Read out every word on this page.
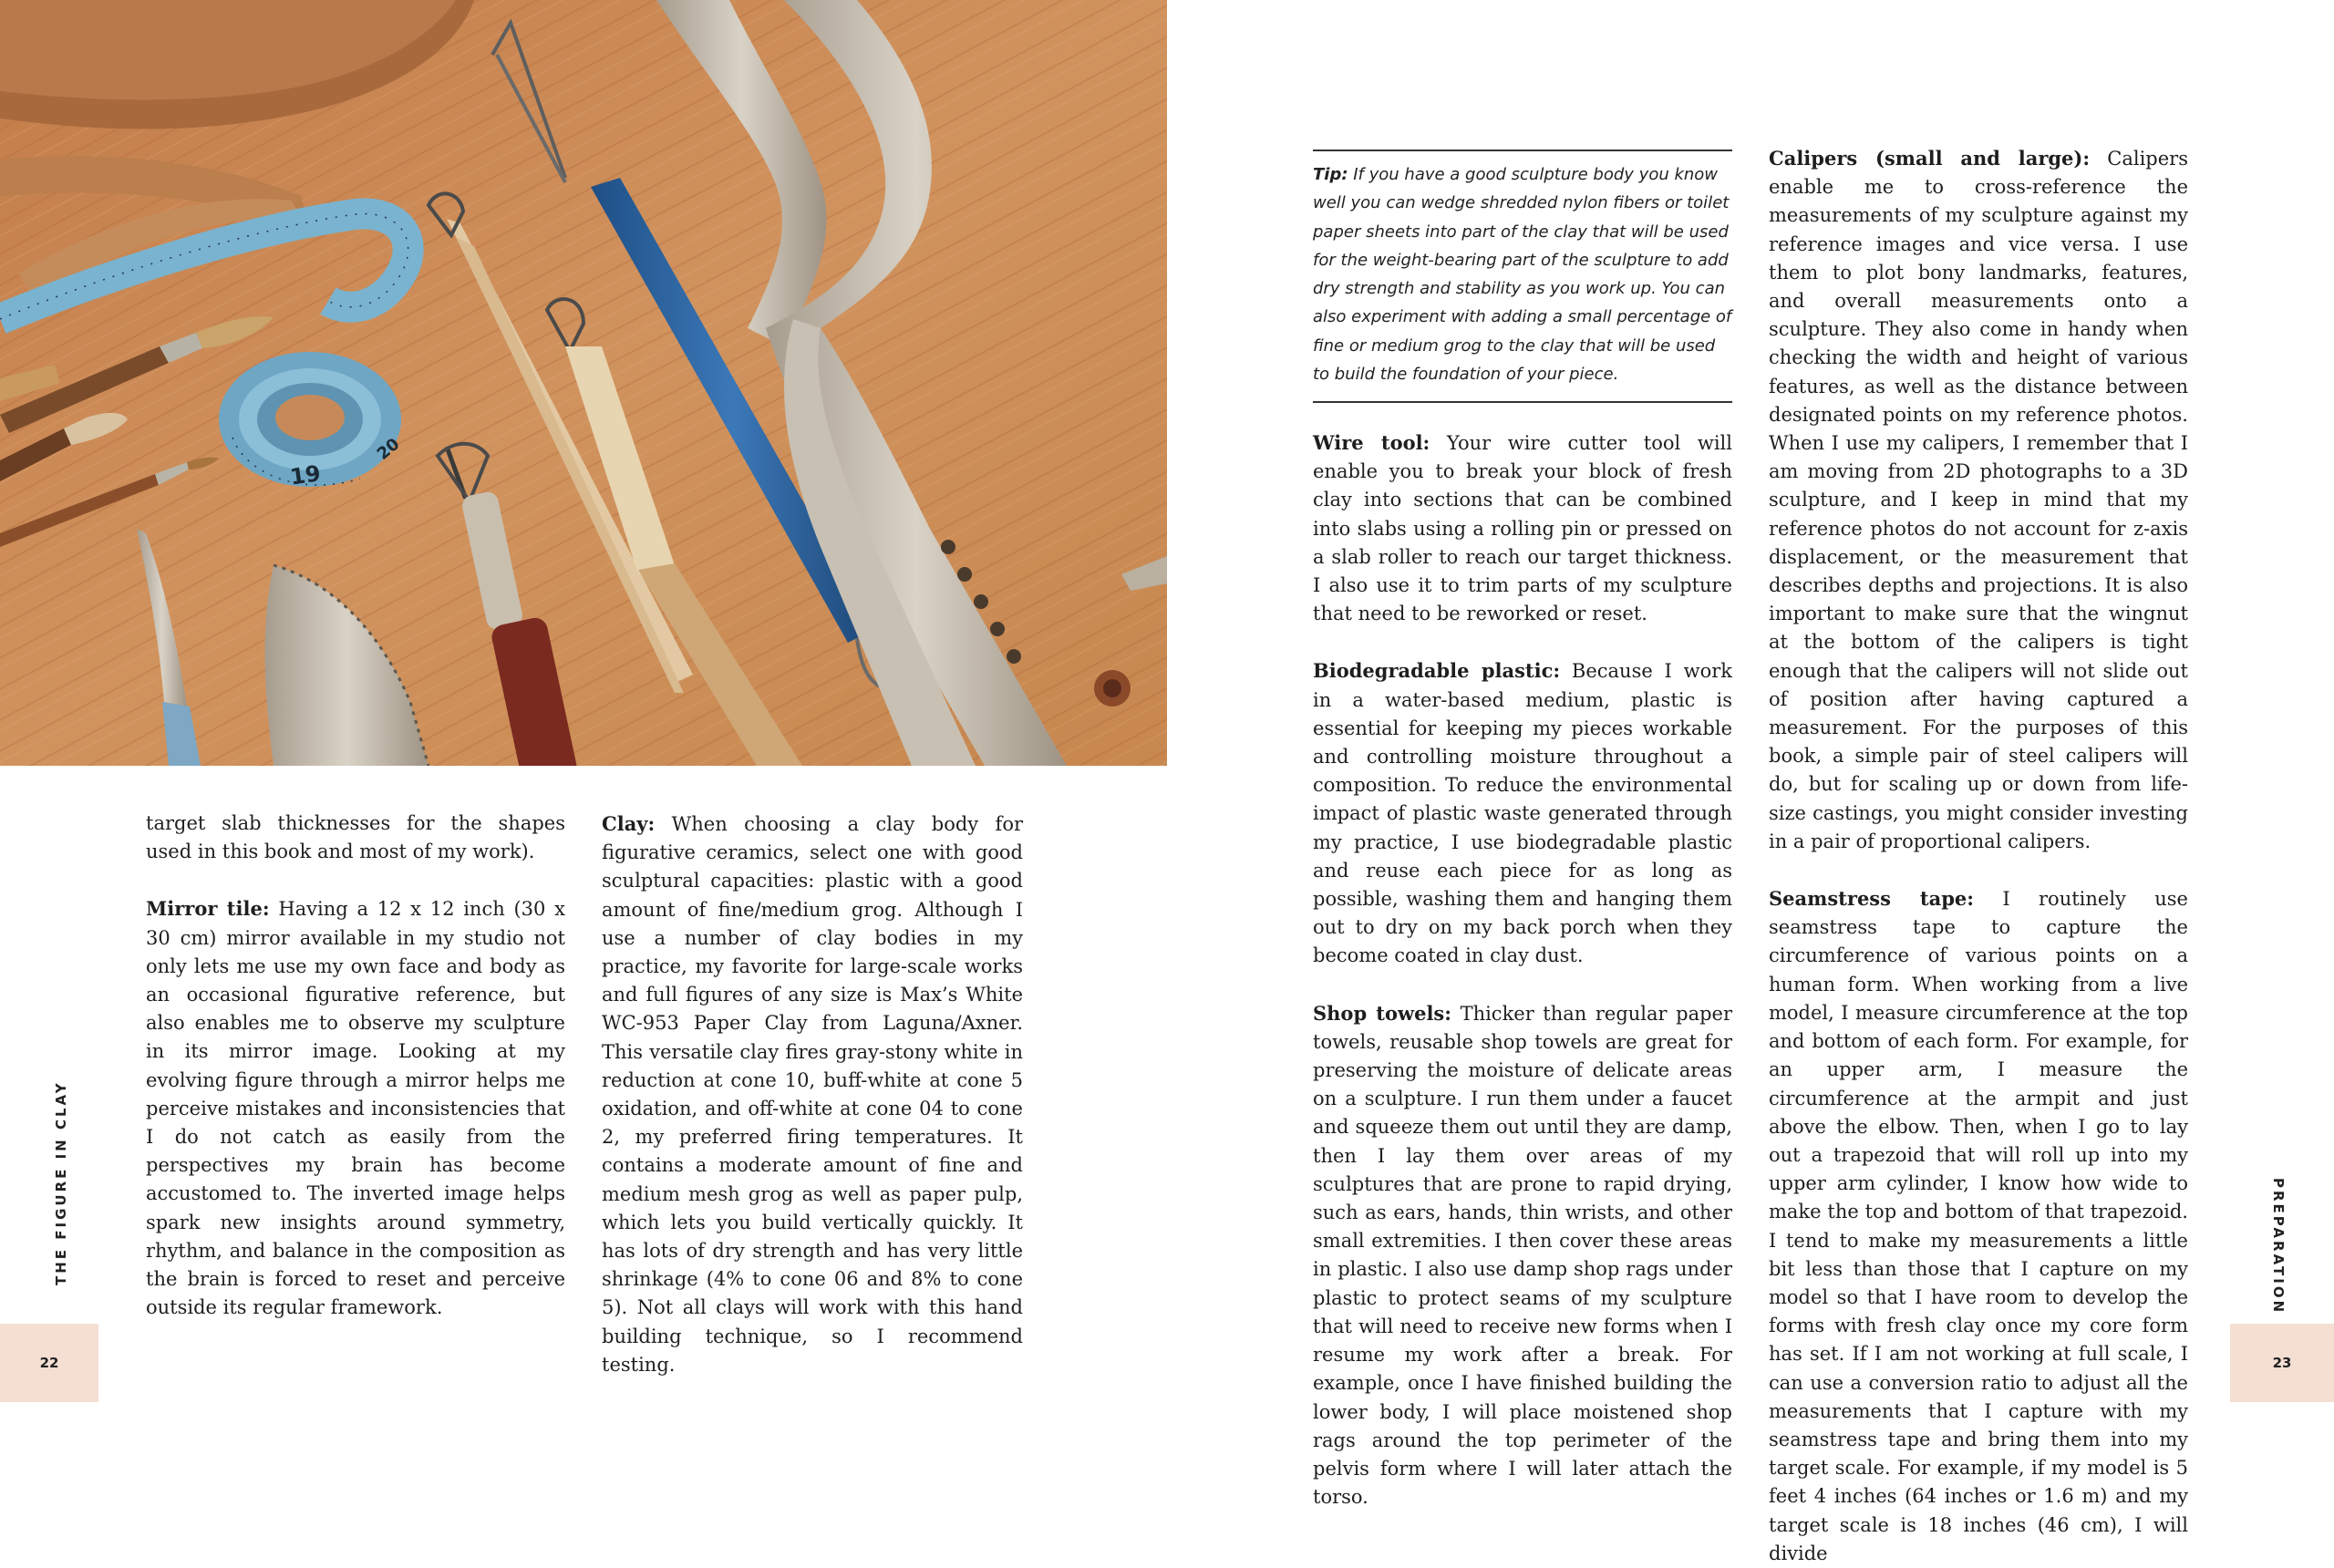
19
20

target slab thicknesses for the shapes used in this book and most of my work).

Mirror tile: Having a 12 x 12 inch (30 x 30 cm) mirror available in my studio not only lets me use my own face and body as an occasional figurative reference, but also enables me to observe my sculpture in its mirror image. Looking at my evolving figure through a mirror helps me perceive mistakes and inconsistencies that I do not catch as easily from the perspectives my brain has become accustomed to. The inverted image helps spark new insights around symmetry, rhythm, and balance in the composition as the brain is forced to reset and perceive outside its regular framework.

Clay: When choosing a clay body for figurative ceramics, select one with good sculptural capacities: plastic with a good amount of fine/medium grog. Although I use a number of clay bodies in my practice, my favorite for large-scale works and full figures of any size is Max’s White WC-953 Paper Clay from Laguna/Axner. This versatile clay fires gray-stony white in reduction at cone 10, buff-white at cone 5 oxidation, and off-white at cone 04 to cone 2, my preferred firing temperatures. It contains a moderate amount of fine and medium mesh grog as well as paper pulp, which lets you build vertically quickly. It has lots of dry strength and has very little shrinkage (4% to cone 06 and 8% to cone 5). Not all clays will work with this hand building technique, so I recommend testing.

THE FIGURE IN CLAY
22
Tip: If you have a good sculpture body you know well you can wedge shredded nylon fibers or toilet paper sheets into part of the clay that will be used for the weight-bearing part of the sculpture to add dry strength and stability as you work up. You can also experiment with adding a small percentage of fine or medium grog to the clay that will be used to build the foundation of your piece.

Wire tool: Your wire cutter tool will enable you to break your block of fresh clay into sections that can be combined into slabs using a rolling pin or pressed on a slab roller to reach our target thickness. I also use it to trim parts of my sculpture that need to be reworked or reset.

Biodegradable plastic: Because I work in a water-based medium, plastic is essential for keeping my pieces workable and controlling moisture throughout a composition. To reduce the environmental impact of plastic waste generated through my practice, I use biodegradable plastic and reuse each piece for as long as possible, washing them and hanging them out to dry on my back porch when they become coated in clay dust.

Shop towels: Thicker than regular paper towels, reusable shop towels are great for preserving the moisture of delicate areas on a sculpture. I run them under a faucet and squeeze them out until they are damp, then I lay them over areas of my sculptures that are prone to rapid drying, such as ears, hands, thin wrists, and other small extremities. I then cover these areas in plastic. I also use damp shop rags under plastic to protect seams of my sculpture that will need to receive new forms when I resume my work after a break. For example, once I have finished building the lower body, I will place moistened shop rags around the top perimeter of the pelvis form where I will later attach the torso.

Calipers (small and large): Calipers enable me to cross-reference the measurements of my sculpture against my reference images and vice versa. I use them to plot bony landmarks, features, and overall measurements onto a sculpture. They also come in handy when checking the width and height of various features, as well as the distance between designated points on my reference photos. When I use my calipers, I remember that I am moving from 2D photographs to a 3D sculpture, and I keep in mind that my reference photos do not account for z-axis displacement, or the measurement that describes depths and projections. It is also important to make sure that the wingnut at the bottom of the calipers is tight enough that the calipers will not slide out of position after having captured a measurement. For the purposes of this book, a simple pair of steel calipers will do, but for scaling up or down from life-size castings, you might consider investing in a pair of proportional calipers.

Seamstress tape: I routinely use seamstress tape to capture the circumference of various points on a human form. When working from a live model, I measure circumference at the top and bottom of each form. For example, for an upper arm, I measure the circumference at the armpit and just above the elbow. Then, when I go to lay out a trapezoid that will roll up into my upper arm cylinder, I know how wide to make the top and bottom of that trapezoid. I tend to make my measurements a little bit less than those that I capture on my model so that I have room to develop the forms with fresh clay once my core form has set. If I am not working at full scale, I can use a conversion ratio to adjust all the measurements that I capture with my seamstress tape and bring them into my target scale. For example, if my model is 5 feet 4 inches (64 inches or 1.6 m) and my target scale is 18 inches (46 cm), I will divide

PREPARATION
23
